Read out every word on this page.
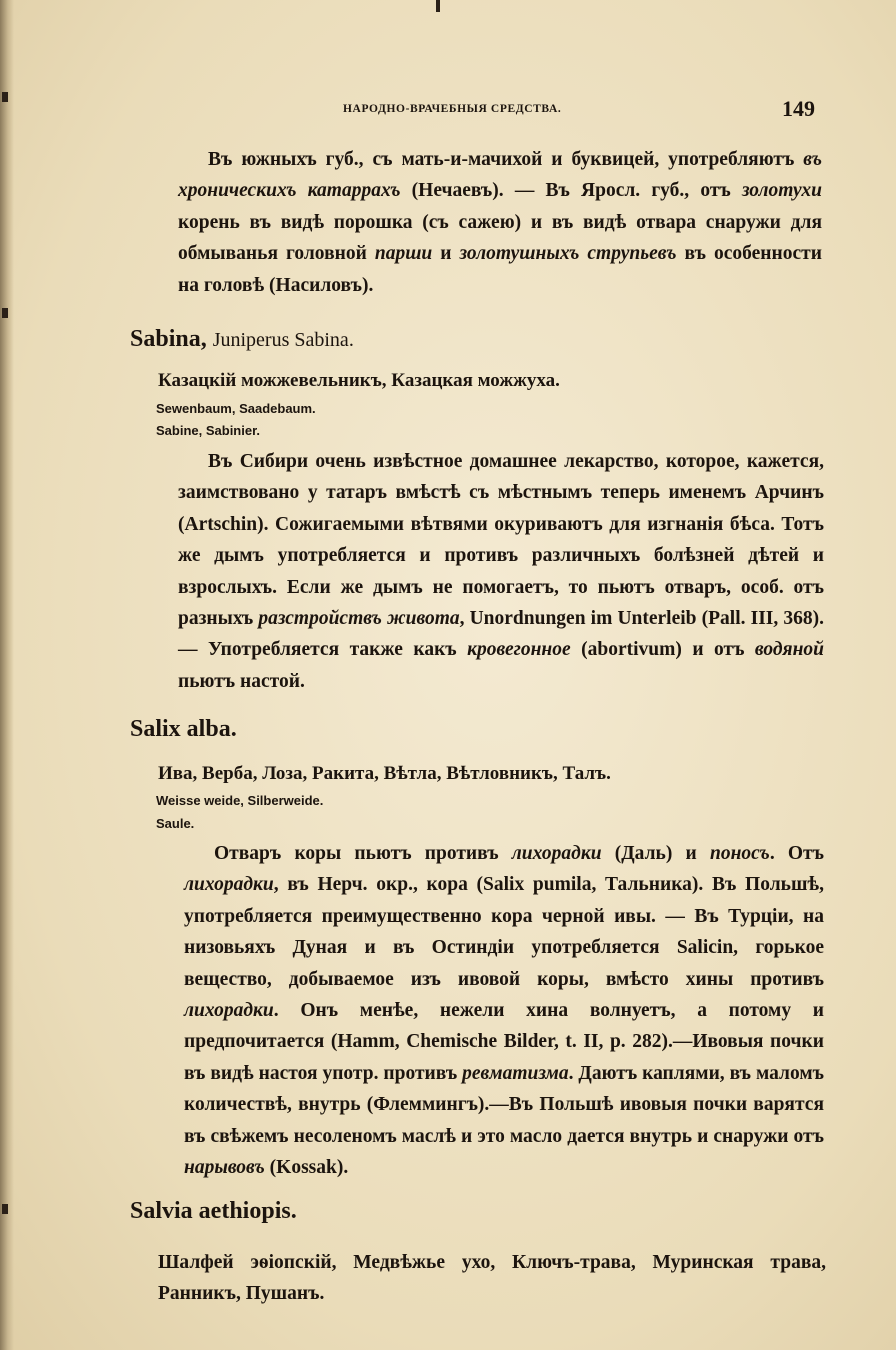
НАРОДНО-ВРАЧЕБНЫЯ СРЕДСТВА.	149

Въ южныхъ губ., съ мать-и-мачихой и буквицей, употребляютъ въ хроническихъ катаррахъ (Нечаевъ). — Въ Яросл. губ., отъ золотухи корень въ видѣ порошка (съ сажею) и въ видѣ отвара снаружи для обмыванья головной парши и золотушныхъ струпьевъ въ особенности на головѣ (Насиловъ).

Sabina, Juniperus Sabina.
Казацкій можжевельникъ, Казацкая можжуха.
Sewenbaum, Saadebaum.
Sabine, Sabinier.

Въ Сибири очень извѣстное домашнее лекарство, которое, кажется, заимствовано у татаръ вмѣстѣ съ мѣстнымъ теперь именемъ Арчинъ (Artschin). Сожигаемыми вѣтвями окуриваютъ для изгнанія бѣса. Тотъ же дымъ употребляется и противъ различныхъ болѣзней дѣтей и взрослыхъ. Если же дымъ не помогаетъ, то пьютъ отваръ, особ. отъ разныхъ разстройствъ живота, Unordnungen im Unterleib (Pall. III, 368). — Употребляется также какъ кровегонное (abortivum) и отъ водяной пьютъ настой.

Salix alba.
Ива, Верба, Лоза, Ракита, Вѣтла, Вѣтловникъ, Талъ.
Weisse weide, Silberweide.
Saule.

Отваръ коры пьютъ противъ лихорадки (Даль) и поносъ. Отъ лихорадки, въ Нерч. окр., кора (Salix pumila, Тальника). Въ Польшѣ, употребляется преимущественно кора черной ивы. — Въ Турціи, на низовьяхъ Дуная и въ Остиндіи употребляется Salicin, горькое вещество, добываемое изъ ивовой коры, вмѣсто хины противъ лихорадки. Онъ менѣе, нежели хина волнуетъ, а потому и предпочитается (Hamm, Chemische Bilder, t. II, p. 282).—Ивовыя почки въ видѣ настоя употр. противъ ревматизма. Даютъ каплями, въ маломъ количествѣ, внутрь (Флеммингъ).—Въ Польшѣ ивовыя почки варятся въ свѣжемъ несоленомъ маслѣ и это масло дается внутрь и снаружи отъ нарывовъ (Kossak).

Salvia aethiopis.

Шалфей эѳіопскій, Медвѣжье ухо, Ключъ-трава, Муринская трава, Ранникъ, Пушанъ.
